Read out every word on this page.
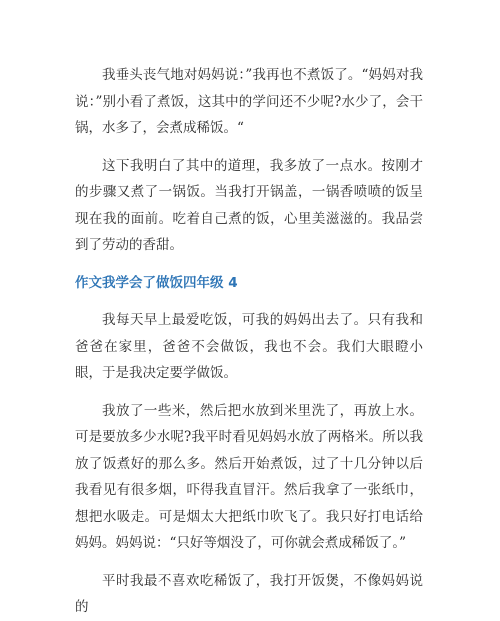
我垂头丧气地对妈妈说：”我再也不煮饭了。“妈妈对我说：”别小看了煮饭，这其中的学问还不少呢?水少了，会干锅，水多了，会煮成稀饭。“

这下我明白了其中的道理，我多放了一点水。按刚才的步骤又煮了一锅饭。当我打开锅盖，一锅香喷喷的饭呈现在我的面前。吃着自己煮的饭，心里美滋滋的。我品尝到了劳动的香甜。

作文我学会了做饭四年级 4

我每天早上最爱吃饭，可我的妈妈出去了。只有我和爸爸在家里，爸爸不会做饭，我也不会。我们大眼瞪小眼，于是我决定要学做饭。

我放了一些米，然后把水放到米里洗了，再放上水。可是要放多少水呢?我平时看见妈妈水放了两格米。所以我放了饭煮好的那么多。然后开始煮饭，过了十几分钟以后我看见有很多烟，吓得我直冒汗。然后我拿了一张纸巾，想把水吸走。可是烟太大把纸巾吹飞了。我只好打电话给妈妈。妈妈说：“只好等烟没了，可你就会煮成稀饭了。”

平时我最不喜欢吃稀饭了，我打开饭煲，不像妈妈说的
